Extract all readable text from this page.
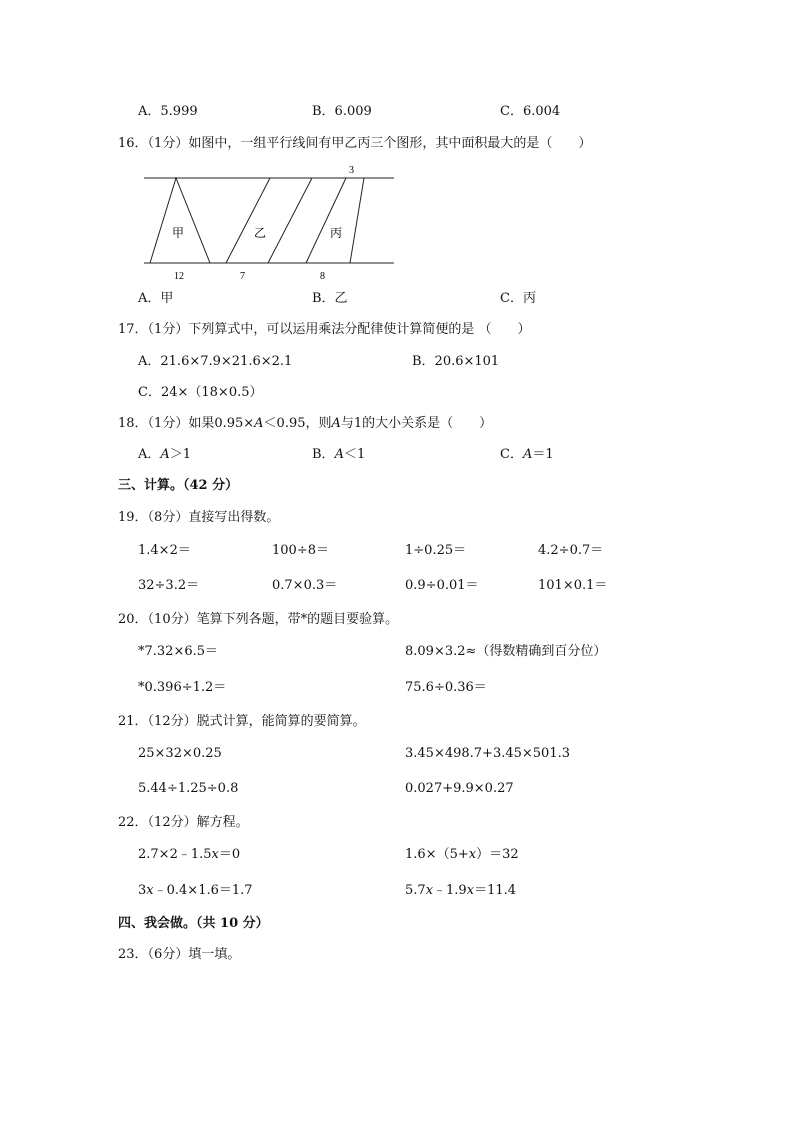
A．5.999	B．6.009	C．6.004
16．（1分）如图中，一组平行线间有甲乙丙三个图形，其中面积最大的是（　　）
3
12	7	8
甲	乙	丙
A．甲	B．乙	C．丙
17．（1分）下列算式中，可以运用乘法分配律使计算简便的是 （　　）
A．21.6×7.9×21.6×2.1	B．20.6×101
C．24×（18×0.5）
18．（1分）如果0.95×A＜0.95，则A与1的大小关系是（　　）
A．A＞1	B．A＜1	C．A＝1
三、计算。（42 分）
19．（8分）直接写出得数。
1.4×2＝	100÷8＝	1÷0.25＝	4.2÷0.7＝
32÷3.2＝	0.7×0.3＝	0.9÷0.01＝	101×0.1＝
20．（10分）笔算下列各题，带*的题目要验算。
*7.32×6.5＝	8.09×3.2≈（得数精确到百分位）
*0.396÷1.2＝	75.6÷0.36＝
21．（12分）脱式计算，能简算的要简算。
25×32×0.25	3.45×498.7+3.45×501.3
5.44÷1.25÷0.8	0.027+9.9×0.27
22．（12分）解方程。
2.7×2﹣1.5x＝0	1.6×（5+x）＝32
3x﹣0.4×1.6＝1.7	5.7x﹣1.9x＝11.4
四、我会做。（共 10 分）
23．（6分）填一填。
